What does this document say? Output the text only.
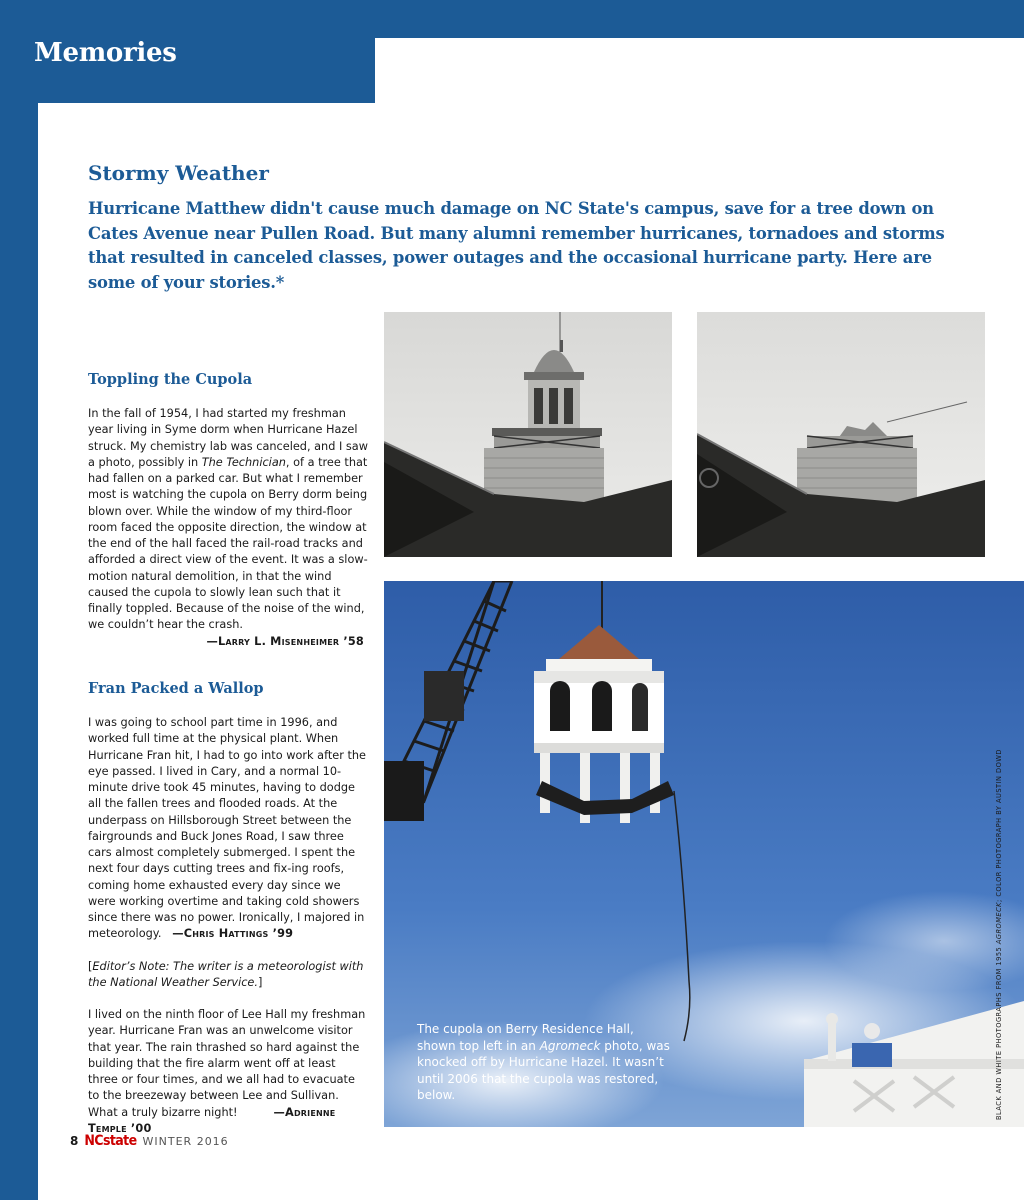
Memories
Stormy Weather
Hurricane Matthew didn't cause much damage on NC State's campus, save for a tree down on Cates Avenue near Pullen Road. But many alumni remember hurricanes, tornadoes and storms that resulted in canceled classes, power outages and the occasional hurricane party. Here are some of your stories.*
Toppling the Cupola

In the fall of 1954, I had started my freshman year living in Syme dorm when Hurricane Hazel struck. My chemistry lab was canceled, and I saw a photo, possibly in The Technician, of a tree that had fallen on a parked car. But what I remember most is watching the cupola on Berry dorm being blown over. While the window of my third-floor room faced the opposite direction, the window at the end of the hall faced the rail-road tracks and afforded a direct view of the event. It was a slow-motion natural demolition, in that the wind caused the cupola to slowly lean such that it finally toppled. Because of the noise of the wind, we couldn’t hear the crash.

—Larry L. Misenheimer ’58
Fran Packed a Wallop

I was going to school part time in 1996, and worked full time at the physical plant. When Hurricane Fran hit, I had to go into work after the eye passed. I lived in Cary, and a normal 10-minute drive took 45 minutes, having to dodge all the fallen trees and flooded roads. At the underpass on Hillsborough Street between the fairgrounds and Buck Jones Road, I saw three cars almost completely submerged. I spent the next four days cutting trees and fix-ing roofs, coming home exhausted every day since we were working overtime and taking cold showers since there was no power. Ironically, I majored in meteorology. —Chris Hattings ’99

[Editor’s Note: The writer is a meteorologist with the National Weather Service.]

I lived on the ninth floor of Lee Hall my freshman year. Hurricane Fran was an unwelcome visitor that year. The rain thrashed so hard against the building that the fire alarm went off at least three or four times, and we all had to evacuate to the breezeway between Lee and Sullivan. What a truly bizarre night!	—Adrienne Temple ’00

The cupola on Berry Residence Hall, shown top left in an Agromeck photo, was knocked off by Hurricane Hazel. It wasn’t until 2006 that the cupola was restored, below.	BLACK AND WHITE PHOTOGRAPHS FROM 1955 AGROMECK; COLOR PHOTOGRAPH BY AUSTIN DOWD
8 NCstate WINTER 2016
